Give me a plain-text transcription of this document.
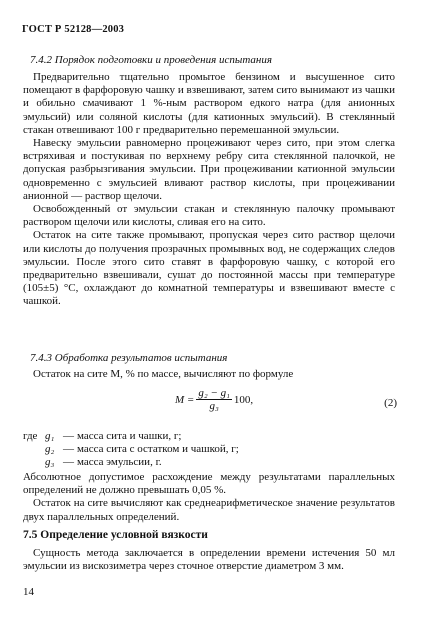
ГОСТ Р 52128—2003
7.4.2 Порядок подготовки и проведения испытания

Предварительно тщательно промытое бензином и высушенное сито помещают в фарфоровую чашку и взвешивают, затем сито вынимают из чашки и обильно смачивают 1 %-ным раствором едкого натра (для анионных эмульсий) или соляной кислоты (для катионных эмульсий). В стеклянный стакан отвешивают 100 г предварительно перемешанной эмульсии.

Навеску эмульсии равномерно процеживают через сито, при этом слегка встряхивая и постукивая по верхнему ребру сита стеклянной палочкой, не допуская разбрызгивания эмульсии. При процеживании катионной эмульсии одновременно с эмульсией вливают раствор кислоты, при процеживании анионной — раствор щелочи.

Освобожденный от эмульсии стакан и стеклянную палочку промывают раствором щелочи или кислоты, сливая его на сито.

Остаток на сите также промывают, пропуская через сито раствор щелочи или кислоты до получения прозрачных промывных вод, не содержащих следов эмульсии. После этого сито ставят в фарфоровую чашку, с которой его предварительно взвешивали, сушат до постоянной массы при температуре (105±5) °С, охлаждают до комнатной температуры и взвешивают вместе с чашкой.

7.4.3 Обработка результатов испытания

Остаток на сите M, % по массе, вычисляют по формуле

$M = \frac{\text{g₂ − g₁}}{\text{g₃}} 100$,	(2)
где g₁ — масса сита и чашки, г;
g₂ — масса сита с остатком и чашкой, г;
g₃ — масса эмульсии, г.

Абсолютное допустимое расхождение между результатами параллельных определений не должно превышать 0,05 %.

Остаток на сите вычисляют как среднеарифметическое значение результатов двух параллельных определений.

7.5 Определение условной вязкости

Сущность метода заключается в определении времени истечения 50 мл эмульсии из вискозиметра через сточное отверстие диаметром 3 мм.

14
